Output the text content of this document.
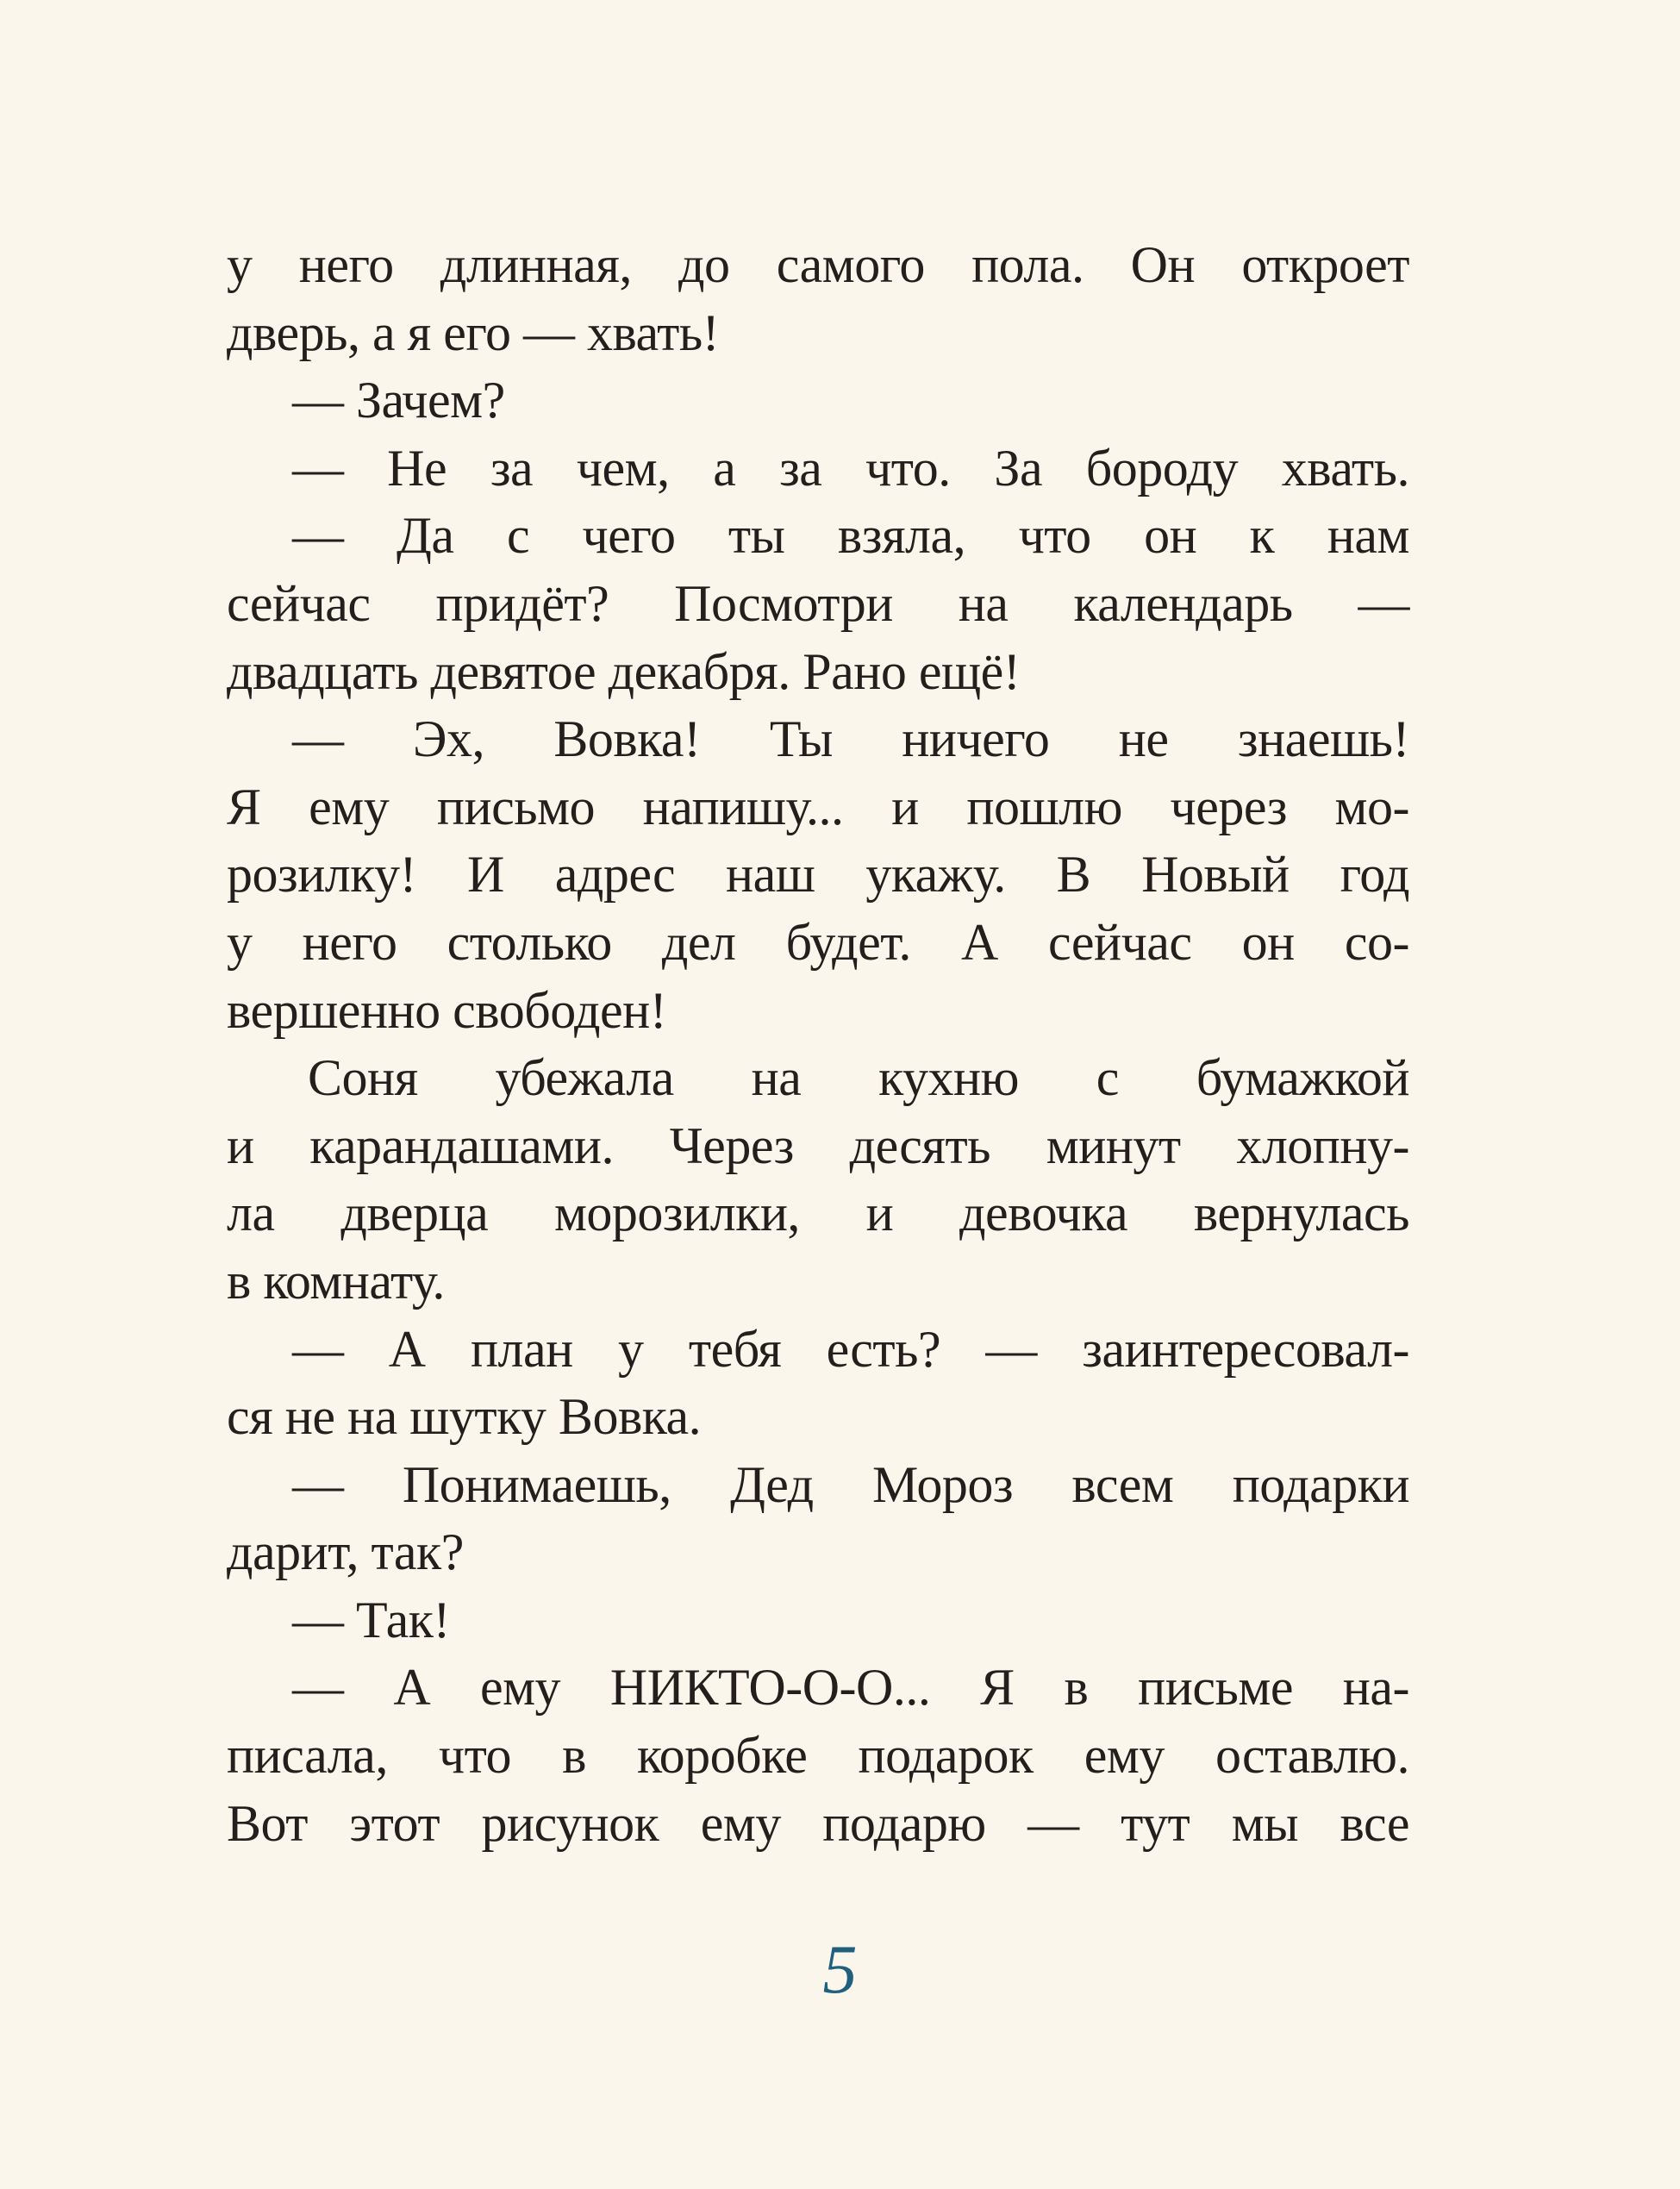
у него длинная, до самого пола. Он откроет
дверь, а я его — хвать!
— Зачем?
— Не за чем, а за что. За бороду хвать.
— Да с чего ты взяла, что он к нам
сейчас придёт? Посмотри на календарь —
двадцать девятое декабря. Рано ещё!
— Эх, Вовка! Ты ничего не знаешь!
Я ему письмо напишу... и пошлю через мо-
розилку! И адрес наш укажу. В Новый год
у него столько дел будет. А сейчас он со-
вершенно свободен!
Соня убежала на кухню с бумажкой
и карандашами. Через десять минут хлопну-
ла дверца морозилки, и девочка вернулась
в комнату.
— А план у тебя есть? — заинтересовал-
ся не на шутку Вовка.
— Понимаешь, Дед Мороз всем подарки
дарит, так?
— Так!
— А ему НИКТО-О-О... Я в письме на-
писала, что в коробке подарок ему оставлю.
Вот этот рисунок ему подарю — тут мы все
5
